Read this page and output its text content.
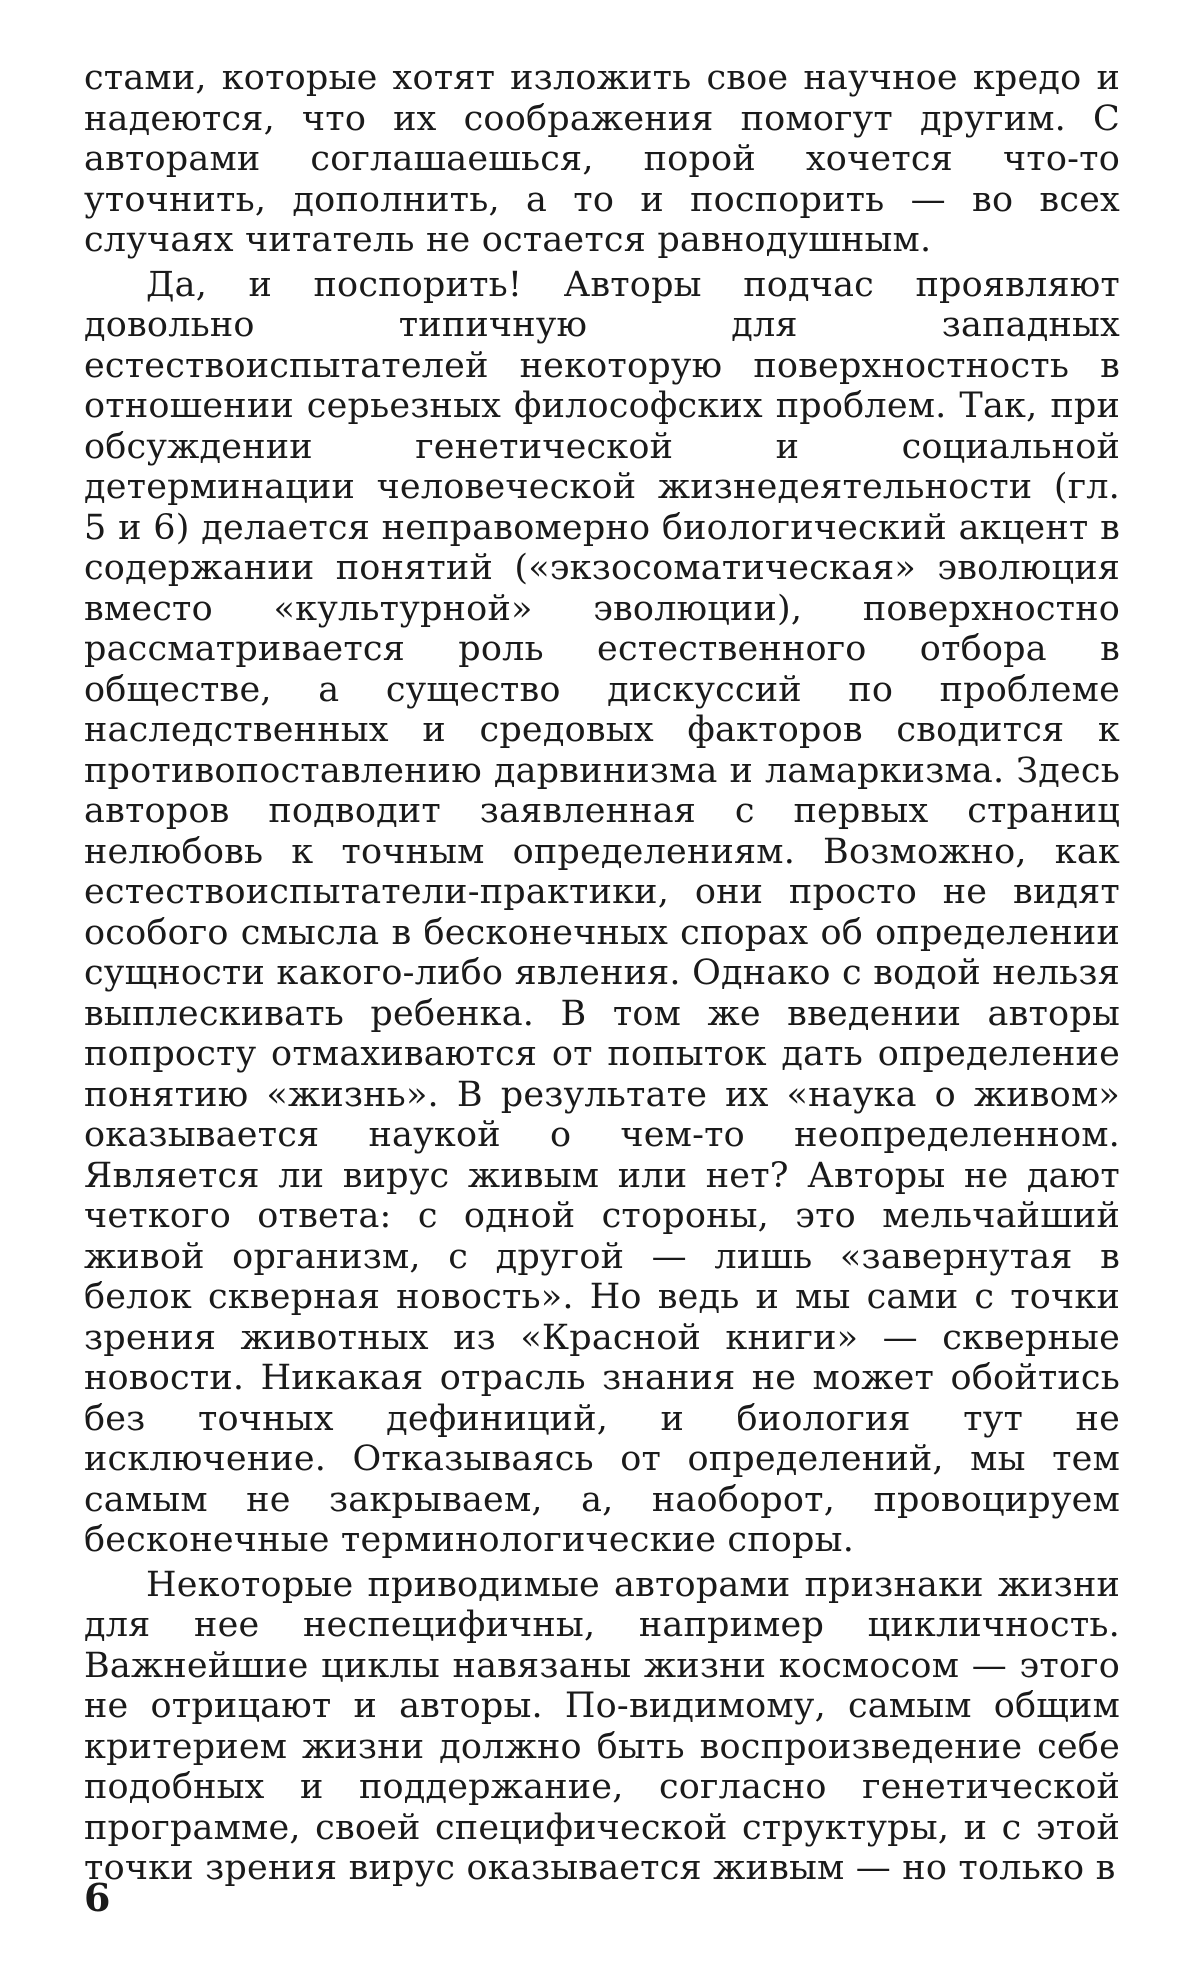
стами, которые хотят изложить свое научное кредо и надеются, что их соображения помогут другим. С авторами соглашаешься, порой хочется что-то уточнить, дополнить, а то и поспорить — во всех случаях читатель не остается равнодушным.

Да, и поспорить! Авторы подчас проявляют довольно типичную для западных естествоиспытателей некоторую поверхностность в отношении серьезных философских проблем. Так, при обсуждении генетической и социальной детерминации человеческой жизнедеятельности (гл. 5 и 6) делается неправомерно биологический акцент в содержании понятий («экзосоматическая» эволюция вместо «культурной» эволюции), поверхностно рассматривается роль естественного отбора в обществе, а существо дискуссий по проблеме наследственных и средовых факторов сводится к противопоставлению дарвинизма и ламаркизма. Здесь авторов подводит заявленная с первых страниц нелюбовь к точным определениям. Возможно, как естествоиспытатели-практики, они просто не видят особого смысла в бесконечных спорах об определении сущности какого-либо явления. Однако с водой нельзя выплескивать ребенка. В том же введении авторы попросту отмахиваются от попыток дать определение понятию «жизнь». В результате их «наука о живом» оказывается наукой о чем-то неопределенном. Является ли вирус живым или нет? Авторы не дают четкого ответа: с одной стороны, это мельчайший живой организм, с другой — лишь «завернутая в белок скверная новость». Но ведь и мы сами с точки зрения животных из «Красной книги» — скверные новости. Никакая отрасль знания не может обойтись без точных дефиниций, и биология тут не исключение. Отказываясь от определений, мы тем самым не закрываем, а, наоборот, провоцируем бесконечные терминологические споры.

Некоторые приводимые авторами признаки жизни для нее неспецифичны, например цикличность. Важнейшие циклы навязаны жизни космосом — этого не отрицают и авторы. По-видимому, самым общим критерием жизни должно быть воспроизведение себе подобных и поддержание, согласно генетической программе, своей специфической структуры, и с этой точки зрения вирус оказывается живым — но только в

6
